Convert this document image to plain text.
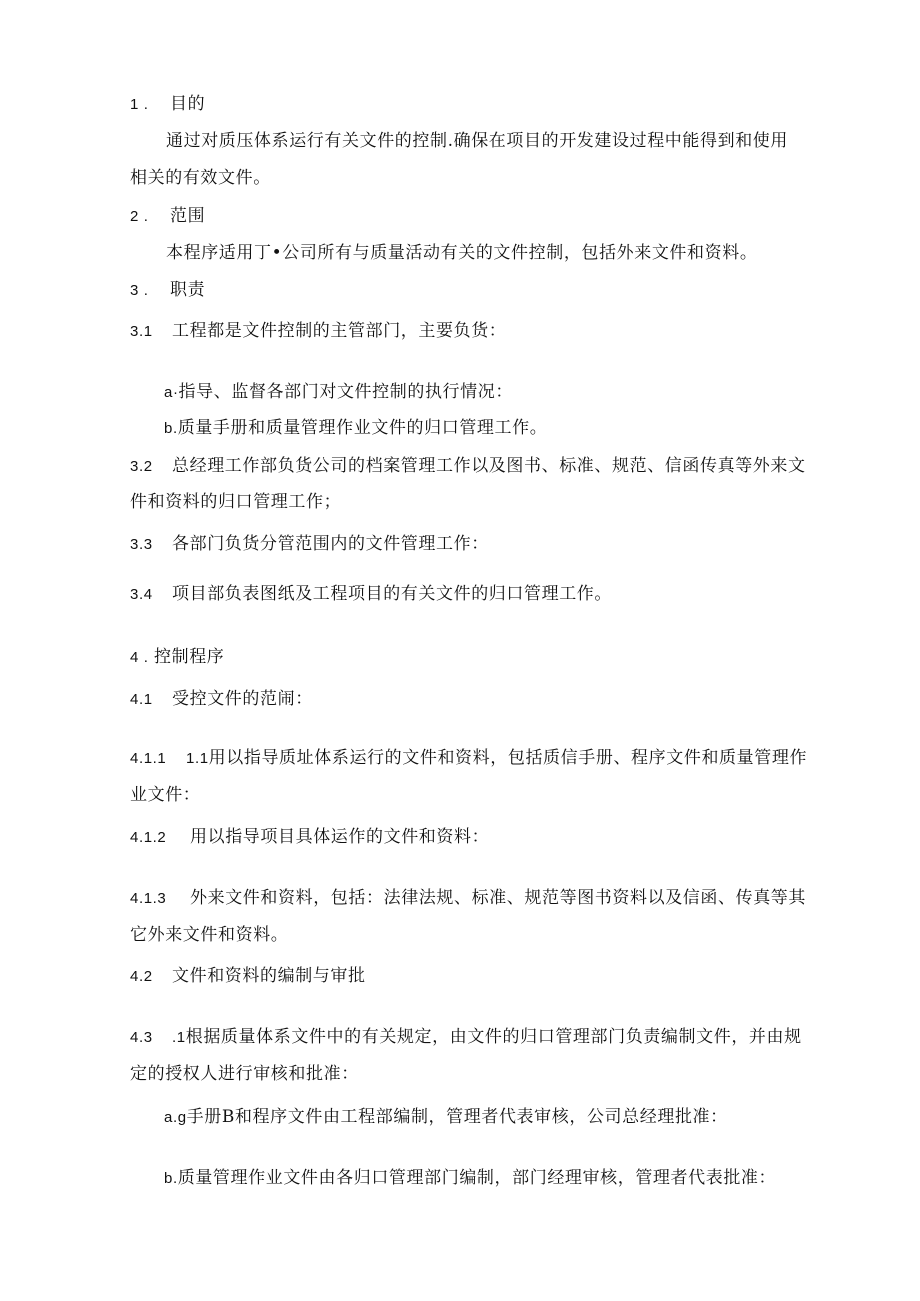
1 . 目的
通过对质压体系运行有关文件的控制.确保在项目的开发建设过程中能得到和使用
相关的有效文件。
2 . 范围
本程序适用丁•公司所有与质量活动有关的文件控制，包括外来文件和资料。
3 . 职责
3.1 工程都是文件控制的主管部门，主要负货：
a·指导、监督各部门对文件控制的执行情况：
b.质量手册和质量管理作业文件的归口管理工作。
3.2 总经理工作部负货公司的档案管理工作以及图书、标准、规范、信函传真等外来文
件和资料的归口管理工作；
3.3 各部门负货分管范围内的文件管理工作：
3.4 项目部负表图纸及工程项目的有关文件的归口管理工作。
4 . 控制程序
4.1 受控文件的范闹：
4.1.1 1.1用以指导质址体系运行的文件和资料，包括质信手册、程序文件和质量管理作
业文件：
4.1.2 用以指导项目具体运作的文件和资料：
4.1.3 外来文件和资料，包括：法律法规、标准、规范等图书资料以及信函、传真等其
它外来文件和资料。
4.2 文件和资料的编制与审批
4.3 .1根据质量体系文件中的有关规定，由文件的归口管理部门负责编制文件，并由规
定的授权人进行审核和批准：
a.g手册B和程序文件由工程部编制，管理者代表审核，公司总经理批准：
b.质量管理作业文件由各归口管理部门编制，部门经理审核，管理者代表批准：
